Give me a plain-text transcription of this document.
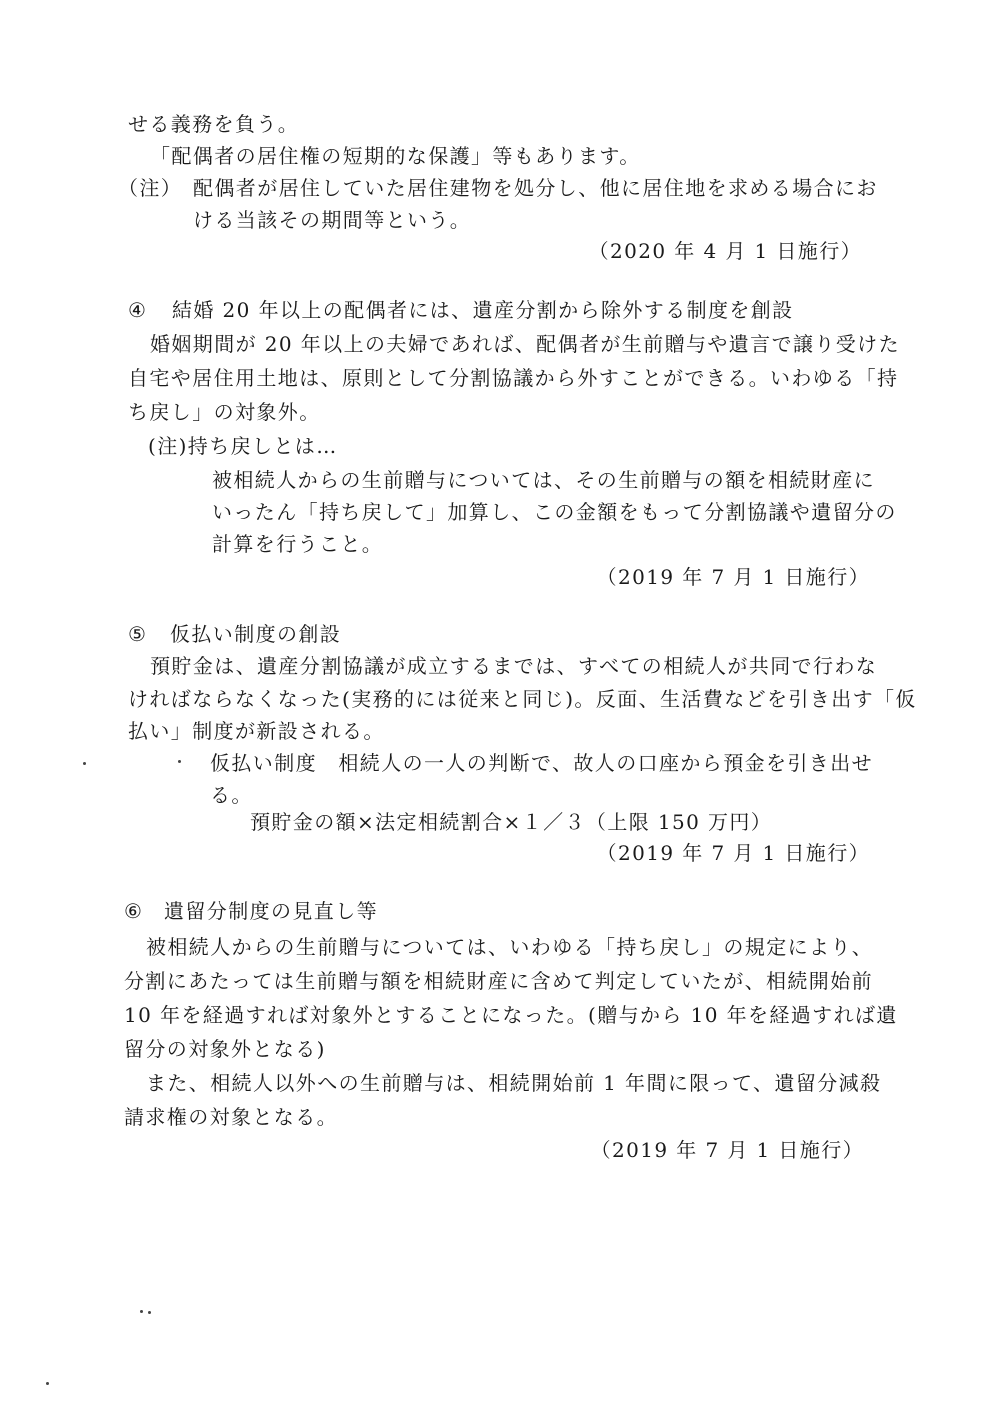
せる義務を負う。
「配偶者の居住権の短期的な保護」等もあります。
（注） 配偶者が居住していた居住建物を処分し、他に居住地を求める場合にお
ける当該その期間等という。
（2020 年 4 月 1 日施行）
④ 結婚 20 年以上の配偶者には、遺産分割から除外する制度を創設
婚姻期間が 20 年以上の夫婦であれば、配偶者が生前贈与や遺言で譲り受けた
自宅や居住用土地は、原則として分割協議から外すことができる。いわゆる「持
ち戻し」の対象外。
(注)持ち戻しとは…
被相続人からの生前贈与については、その生前贈与の額を相続財産に
いったん「持ち戻して」加算し、この金額をもって分割協議や遺留分の
計算を行うこと。
（2019 年 7 月 1 日施行）
⑤ 仮払い制度の創設
預貯金は、遺産分割協議が成立するまでは、すべての相続人が共同で行わな
ければならなくなった(実務的には従来と同じ)。反面、生活費などを引き出す「仮
払い」制度が新設される。
仮払い制度　相続人の一人の判断で、故人の口座から預金を引き出せ
る。
預貯金の額×法定相続割合×１／３（上限 150 万円）
（2019 年 7 月 1 日施行）
⑥ 遺留分制度の見直し等
被相続人からの生前贈与については、いわゆる「持ち戻し」の規定により、
分割にあたっては生前贈与額を相続財産に含めて判定していたが、相続開始前
10 年を経過すれば対象外とすることになった。(贈与から 10 年を経過すれば遺
留分の対象外となる)
また、相続人以外への生前贈与は、相続開始前 1 年間に限って、遺留分減殺
請求権の対象となる。
（2019 年 7 月 1 日施行）
